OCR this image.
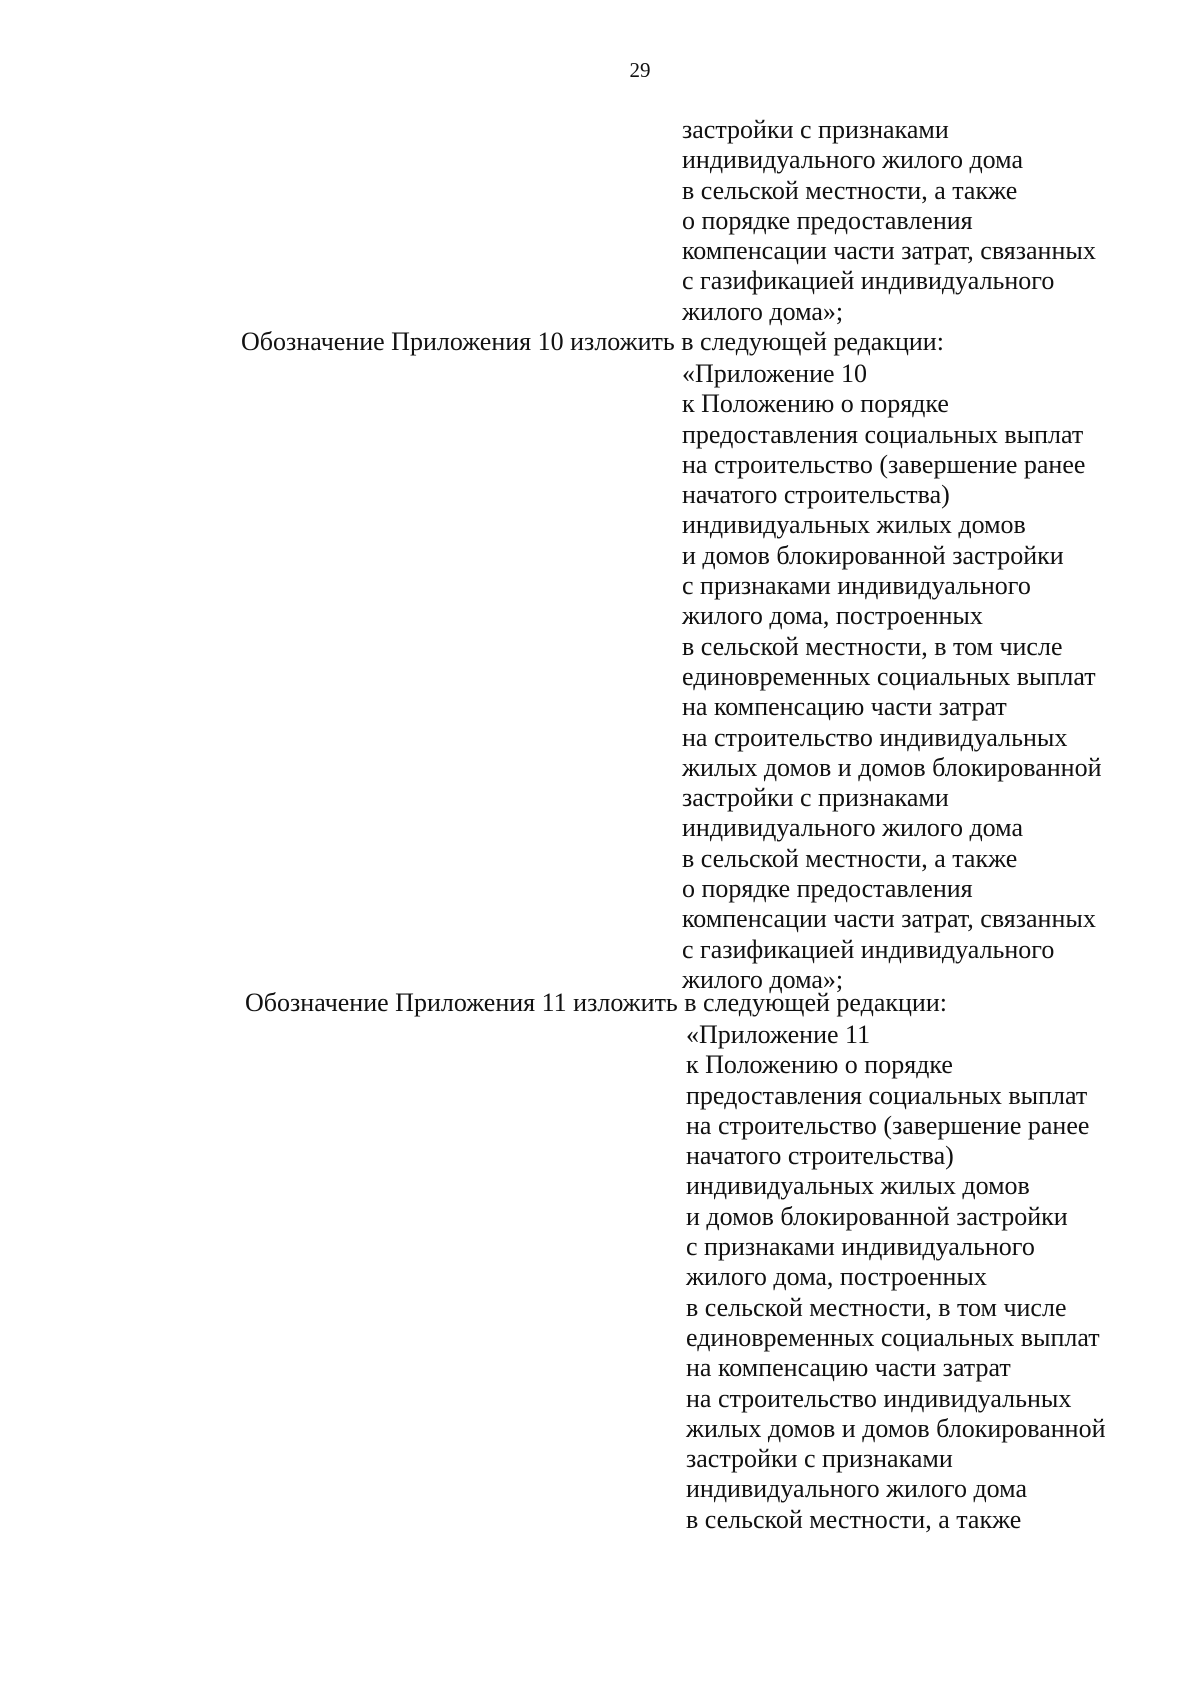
29
застройки с признаками
индивидуального жилого дома
в сельской местности, а также
о порядке предоставления
компенсации части затрат, связанных
с газификацией индивидуального
жилого дома»;
Обозначение Приложения 10 изложить в следующей редакции:
«Приложение 10
к Положению о порядке
предоставления социальных выплат
на строительство (завершение ранее
начатого строительства)
индивидуальных жилых домов
и домов блокированной застройки
с признаками индивидуального
жилого дома, построенных
в сельской местности, в том числе
единовременных социальных выплат
на компенсацию части затрат
на строительство индивидуальных
жилых домов и домов блокированной
застройки с признаками
индивидуального жилого дома
в сельской местности, а также
о порядке предоставления
компенсации части затрат, связанных
с газификацией индивидуального
жилого дома»;
Обозначение Приложения 11 изложить в следующей редакции:
«Приложение 11
к Положению о порядке
предоставления социальных выплат
на строительство (завершение ранее
начатого строительства)
индивидуальных жилых домов
и домов блокированной застройки
с признаками индивидуального
жилого дома, построенных
в сельской местности, в том числе
единовременных социальных выплат
на компенсацию части затрат
на строительство индивидуальных
жилых домов и домов блокированной
застройки с признаками
индивидуального жилого дома
в сельской местности, а также
